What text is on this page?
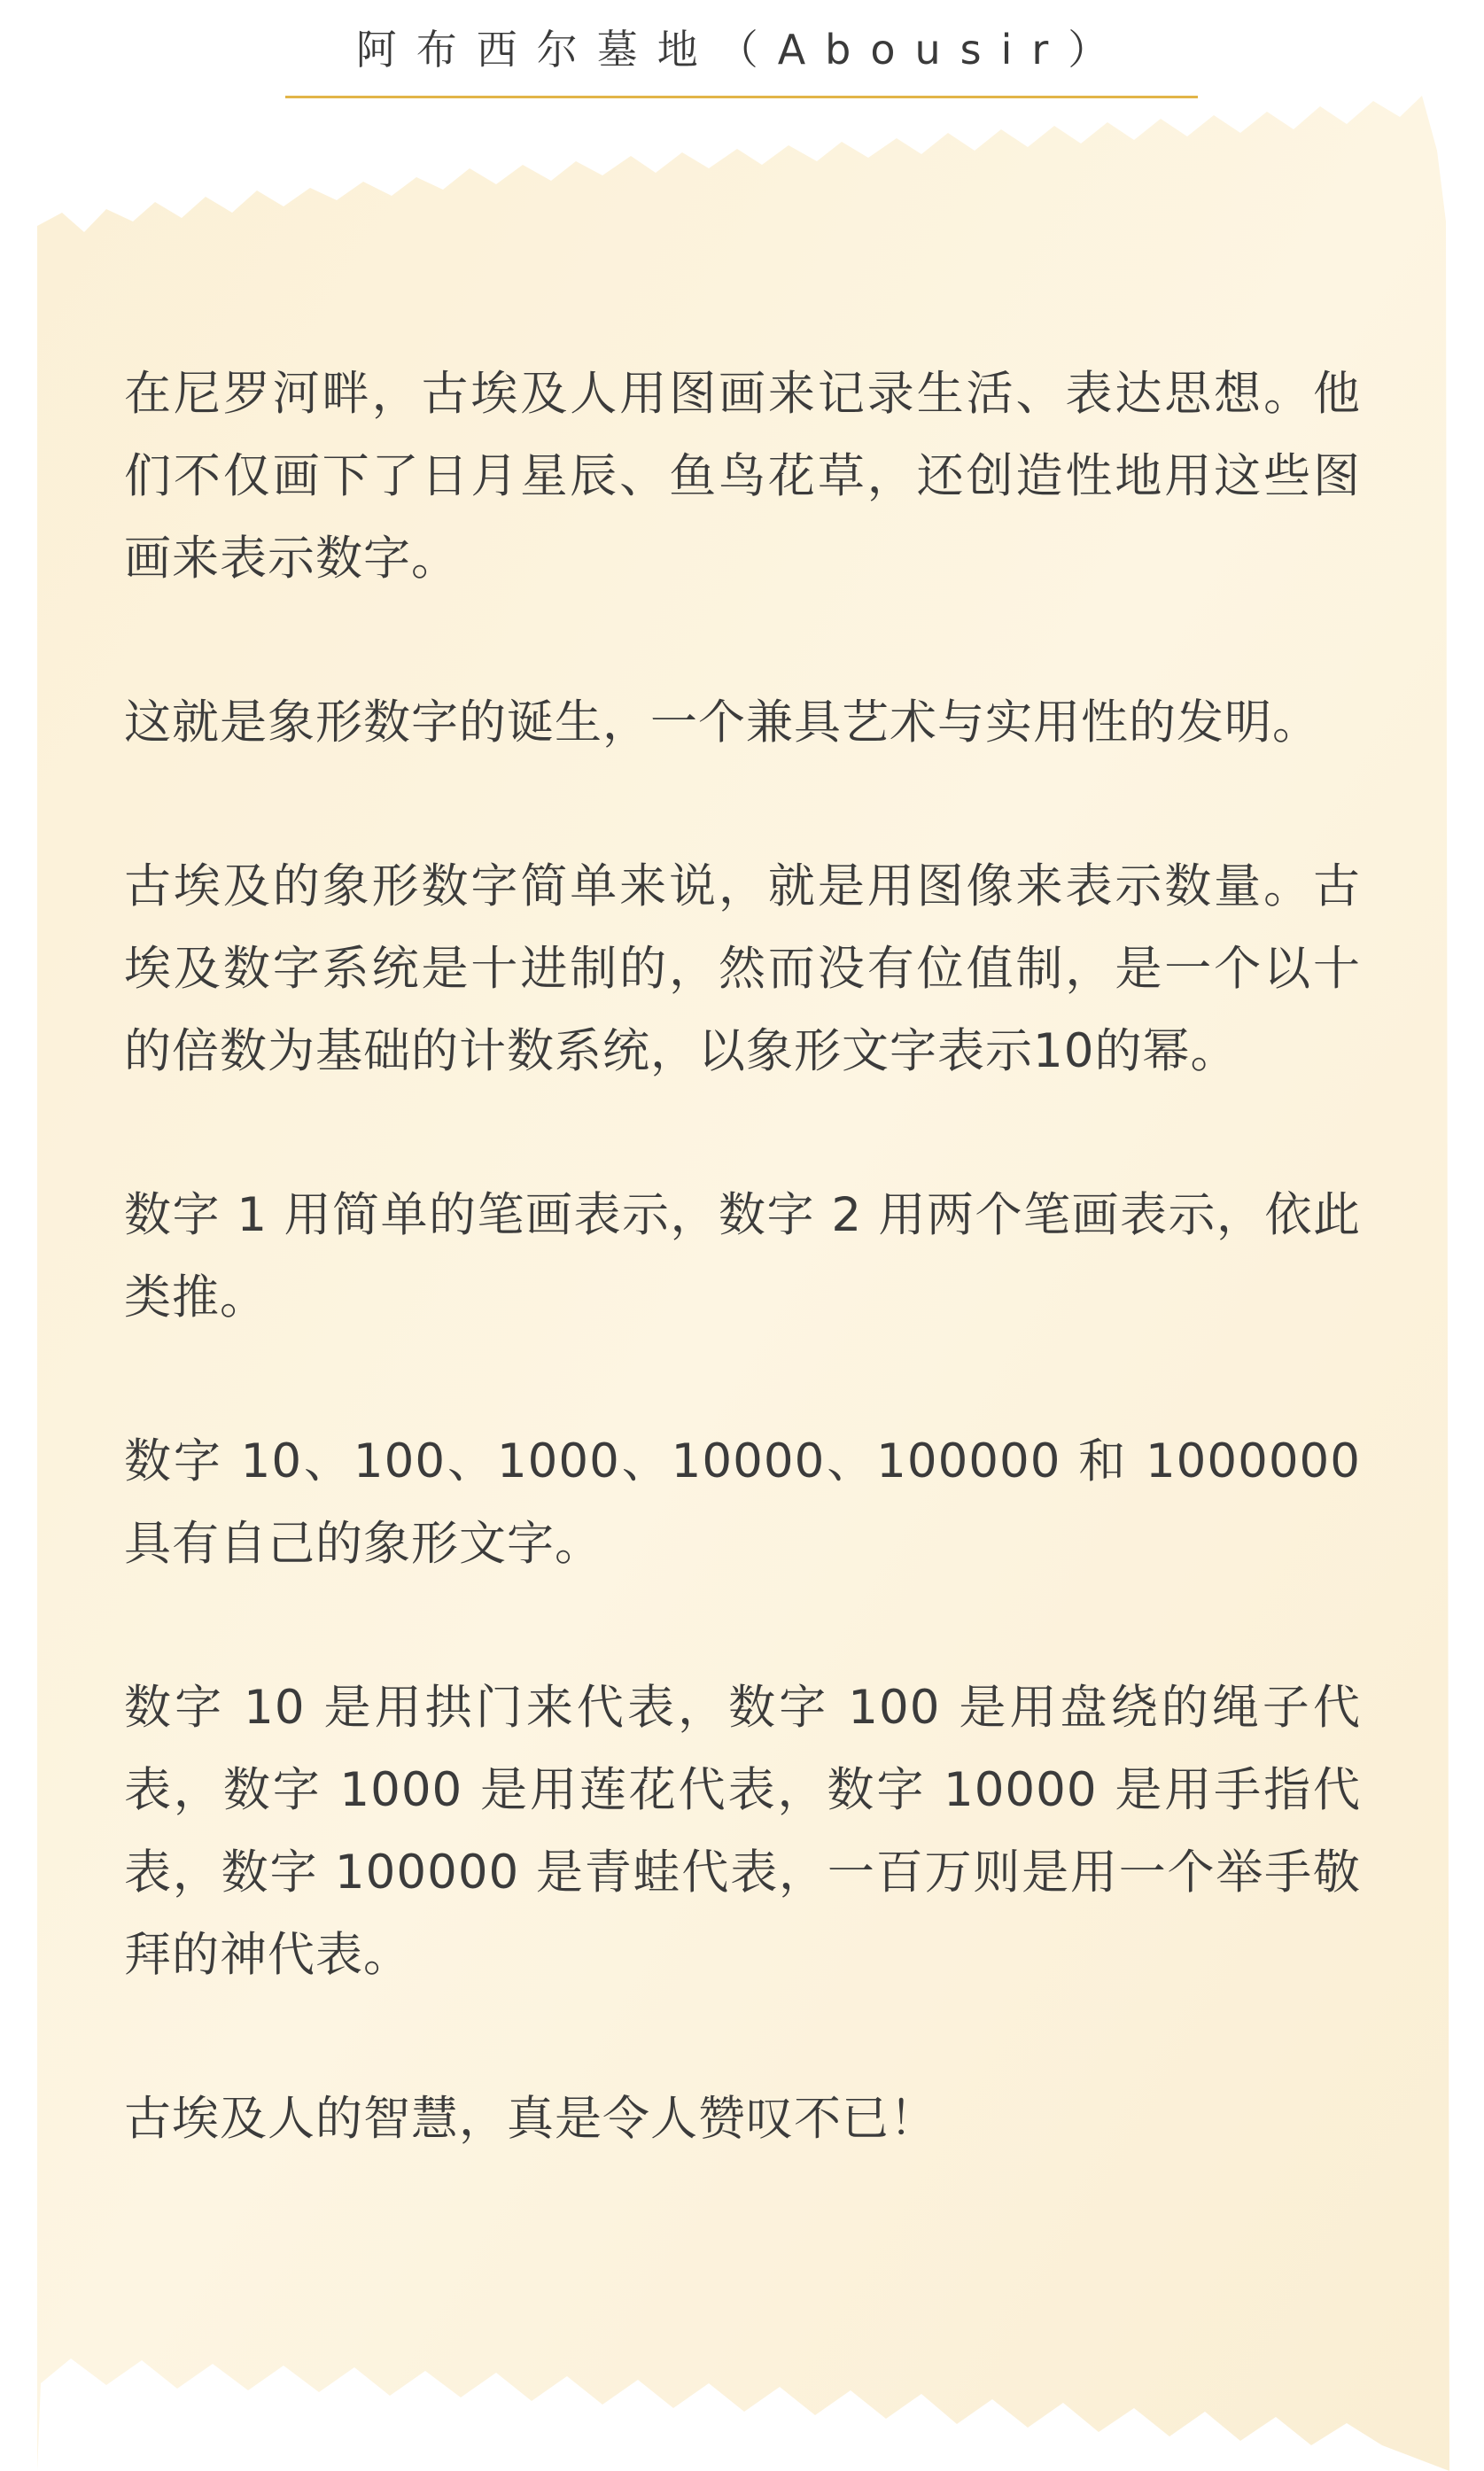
阿布西尔墓地（Abousir）

在尼罗河畔，古埃及人用图画来记录生活、表达思想。他们不仅画下了日月星辰、鱼鸟花草，还创造性地用这些图画来表示数字。

这就是象形数字的诞生，一个兼具艺术与实用性的发明。

古埃及的象形数字简单来说，就是用图像来表示数量。古埃及数字系统是十进制的，然而没有位值制，是一个以十的倍数为基础的计数系统，以象形文字表示10的幂。

数字 1 用简单的笔画表示，数字 2 用两个笔画表示，依此类推。

数字 10、100、1000、10000、100000 和 1000000 具有自己的象形文字。

数字 10 是用拱门来代表，数字 100 是用盘绕的绳子代表，数字 1000 是用莲花代表，数字 10000 是用手指代表，数字 100000 是青蛙代表，一百万则是用一个举手敬拜的神代表。

古埃及人的智慧，真是令人赞叹不已！
